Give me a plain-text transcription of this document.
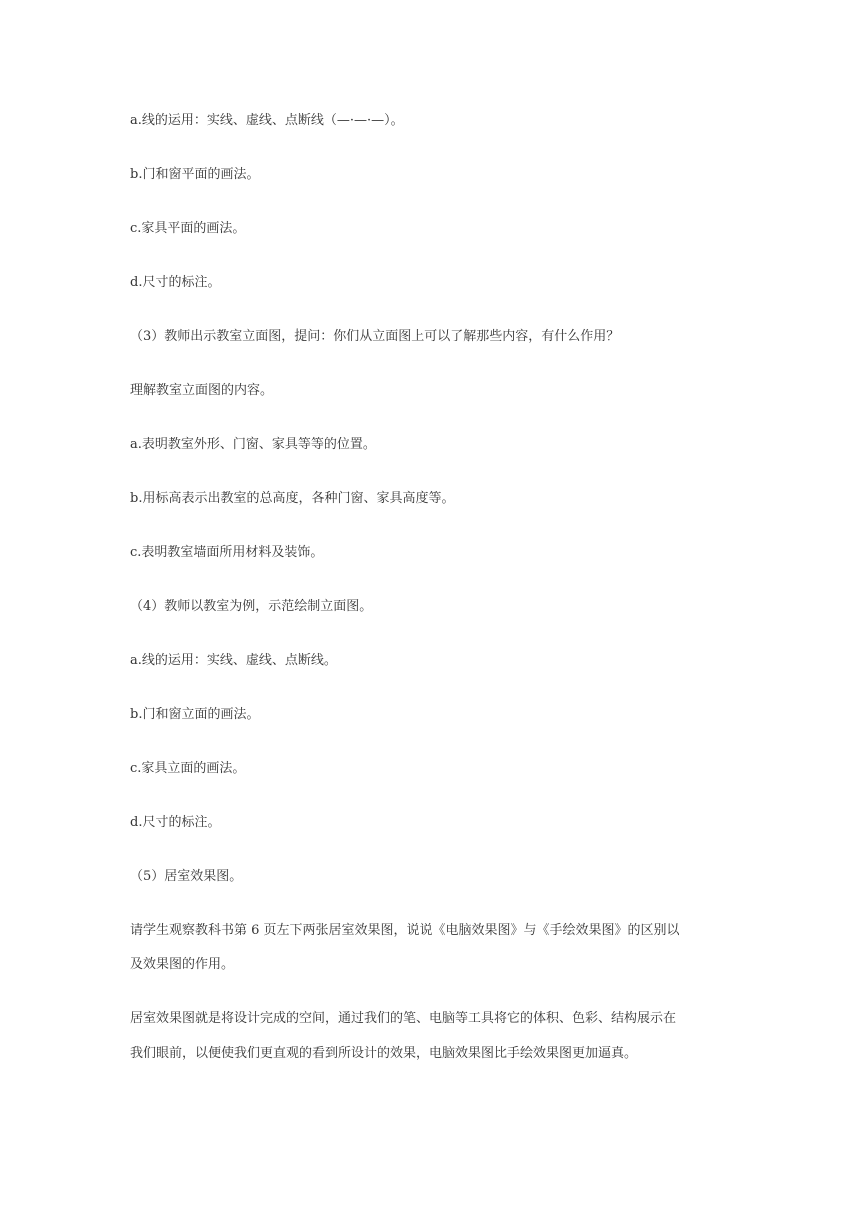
a.线的运用：实线、虚线、点断线（—·—·—）。

b.门和窗平面的画法。

c.家具平面的画法。

d.尺寸的标注。

（3）教师出示教室立面图，提问：你们从立面图上可以了解那些内容，有什么作用？

理解教室立面图的内容。

a.表明教室外形、门窗、家具等等的位置。

b.用标高表示出教室的总高度，各种门窗、家具高度等。

c.表明教室墙面所用材料及装饰。

（4）教师以教室为例，示范绘制立面图。

a.线的运用：实线、虚线、点断线。

b.门和窗立面的画法。

c.家具立面的画法。

d.尺寸的标注。

（5）居室效果图。

请学生观察教科书第 6 页左下两张居室效果图，说说《电脑效果图》与《手绘效果图》的区别以

及效果图的作用。

居室效果图就是将设计完成的空间，通过我们的笔、电脑等工具将它的体积、色彩、结构展示在

我们眼前，以便使我们更直观的看到所设计的效果，电脑效果图比手绘效果图更加逼真。
